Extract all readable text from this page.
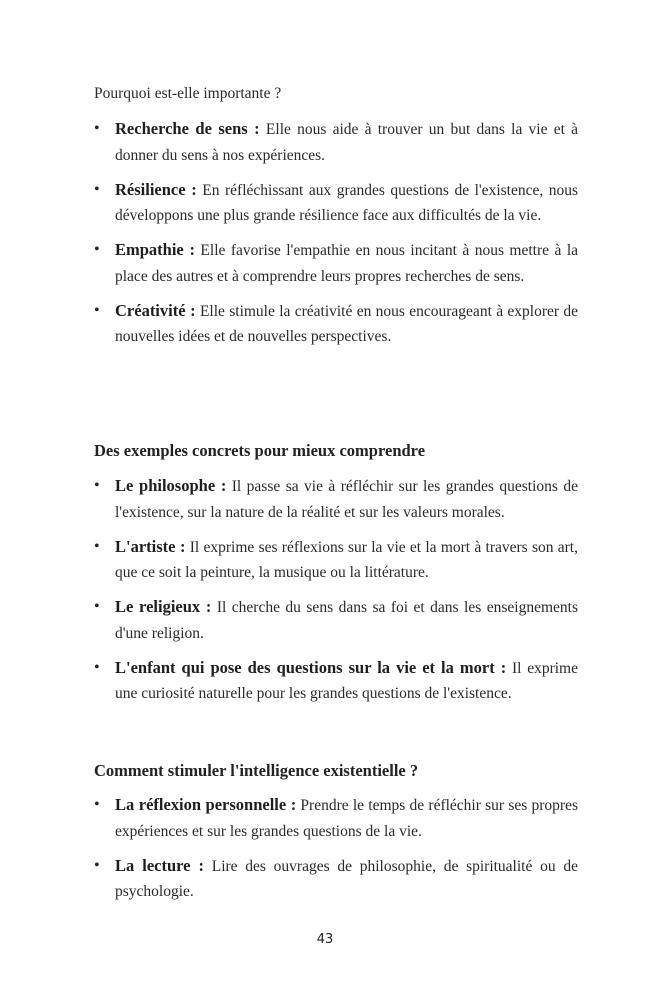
Pourquoi est-elle importante ?
• Recherche de sens : Elle nous aide à trouver un but dans la vie et à donner du sens à nos expériences.
• Résilience : En réfléchissant aux grandes questions de l'existence, nous développons une plus grande résilience face aux difficultés de la vie.
• Empathie : Elle favorise l'empathie en nous incitant à nous mettre à la place des autres et à comprendre leurs propres recherches de sens.
• Créativité : Elle stimule la créativité en nous encourageant à explorer de nouvelles idées et de nouvelles perspectives.
Des exemples concrets pour mieux comprendre
• Le philosophe : Il passe sa vie à réfléchir sur les grandes questions de l'existence, sur la nature de la réalité et sur les valeurs morales.
• L'artiste : Il exprime ses réflexions sur la vie et la mort à travers son art, que ce soit la peinture, la musique ou la littérature.
• Le religieux : Il cherche du sens dans sa foi et dans les enseignements d'une religion.
• L'enfant qui pose des questions sur la vie et la mort : Il exprime une curiosité naturelle pour les grandes questions de l'existence.
Comment stimuler l'intelligence existentielle ?
• La réflexion personnelle : Prendre le temps de réfléchir sur ses propres expériences et sur les grandes questions de la vie.
• La lecture : Lire des ouvrages de philosophie, de spiritualité ou de psychologie.
43
